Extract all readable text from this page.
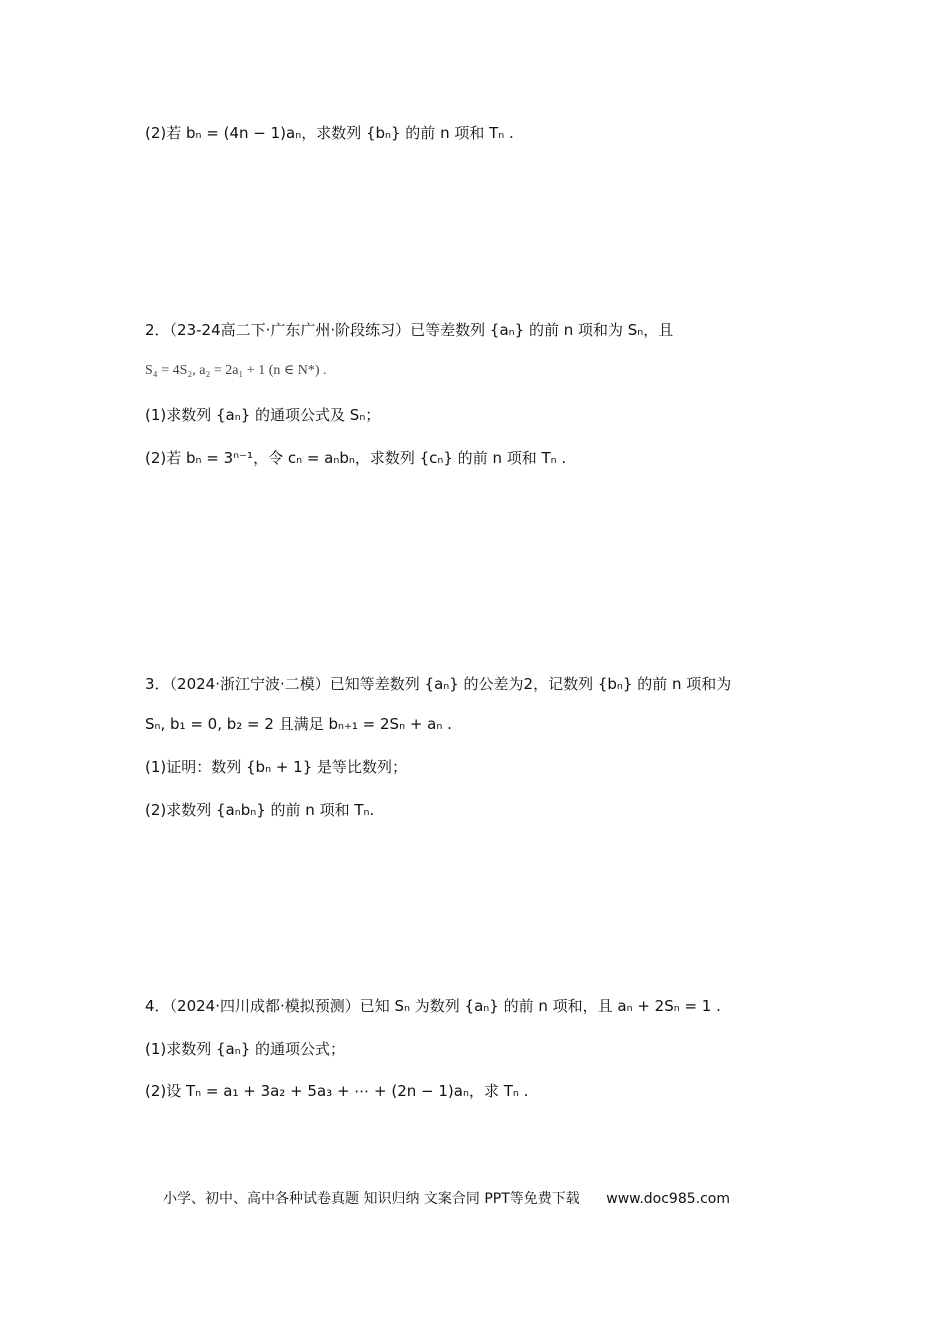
(2)若 bₙ = (4n − 1)aₙ，求数列 {bₙ} 的前 n 项和 Tₙ .
2．（23-24高二下·广东广州·阶段练习）已等差数列 {aₙ} 的前 n 项和为 Sₙ，且
S₄ = 4S₂, a₂ = 2a₁ + 1 (n ∈ N*) .
(1)求数列 {aₙ} 的通项公式及 Sₙ；
(2)若 bₙ = 3ⁿ⁻¹，令 cₙ = aₙbₙ，求数列 {cₙ} 的前 n 项和 Tₙ .
3．（2024·浙江宁波·二模）已知等差数列 {aₙ} 的公差为2，记数列 {bₙ} 的前 n 项和为
Sₙ, b₁ = 0, b₂ = 2 且满足 bₙ₊₁ = 2Sₙ + aₙ .
(1)证明：数列 {bₙ + 1} 是等比数列；
(2)求数列 {aₙbₙ} 的前 n 项和 Tₙ.
4．（2024·四川成都·模拟预测）已知 Sₙ 为数列 {aₙ} 的前 n 项和，且 aₙ + 2Sₙ = 1 .
(1)求数列 {aₙ} 的通项公式；
(2)设 Tₙ = a₁ + 3a₂ + 5a₃ + ⋯ + (2n − 1)aₙ，求 Tₙ .
小学、初中、高中各种试卷真题 知识归纳 文案合同 PPT等免费下载 www.doc985.com
